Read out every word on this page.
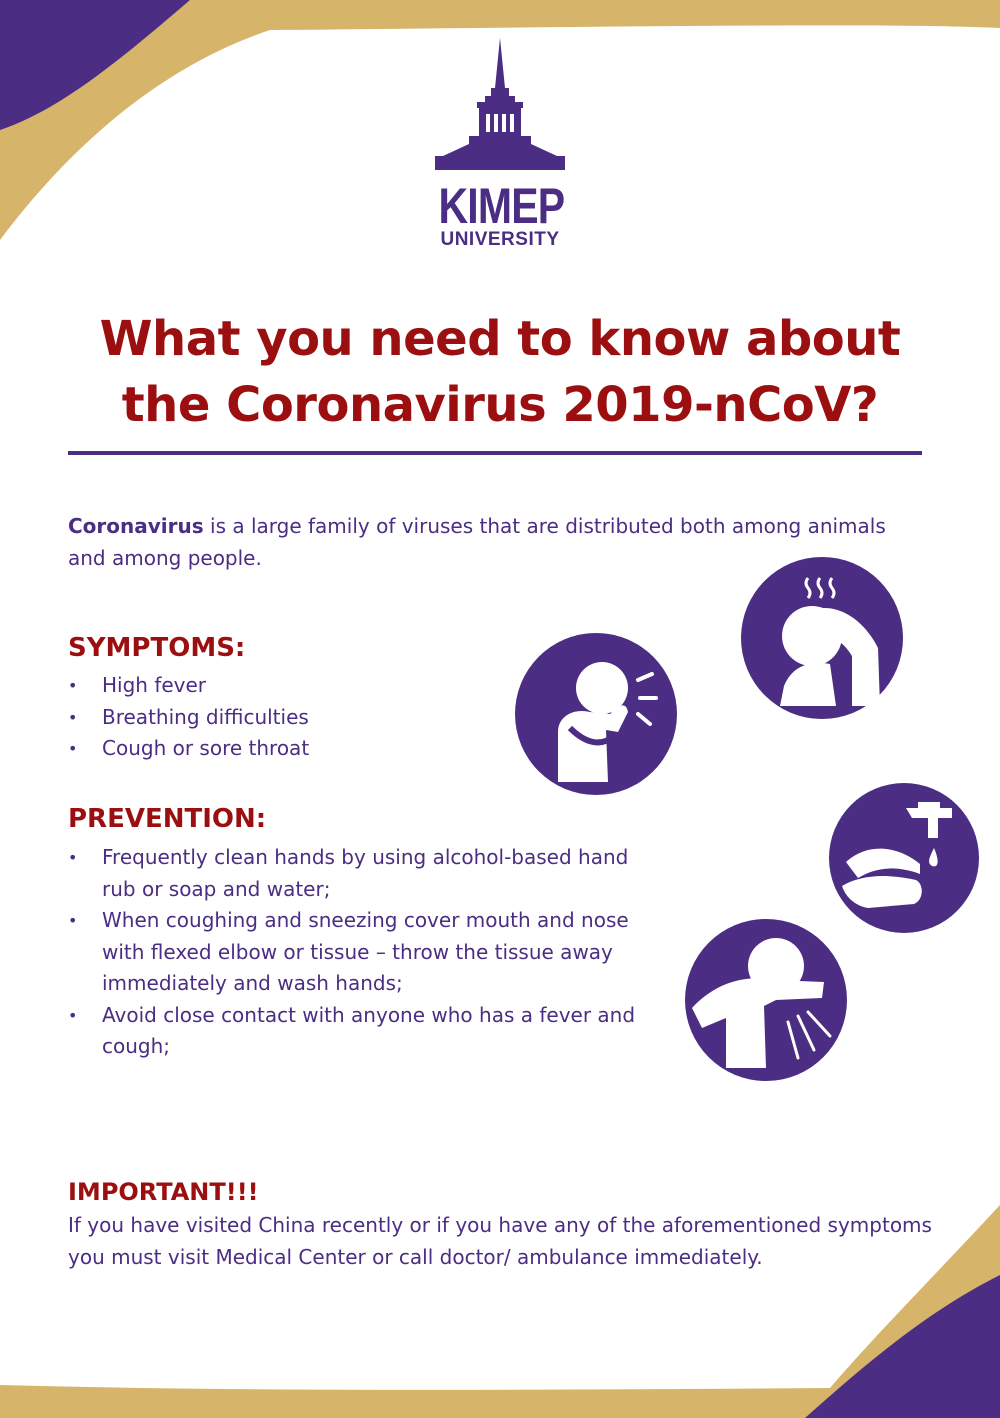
KIMEP
UNIVERSITY
What you need to know about
the Coronavirus 2019-nCoV?

Coronavirus is a large family of viruses that are distributed both among animals and among people.

SYMPTOMS:
• High fever
• Breathing difficulties
• Cough or sore throat
PREVENTION:
• Frequently clean hands by using alcohol-based hand rub or soap and water;
• When coughing and sneezing cover mouth and nose with flexed elbow or tissue – throw the tissue away immediately and wash hands;
• Avoid close contact with anyone who has a fever and cough;
IMPORTANT!!!

If you have visited China recently or if you have any of the aforementioned symptoms you must visit Medical Center or call doctor/ ambulance immediately.
